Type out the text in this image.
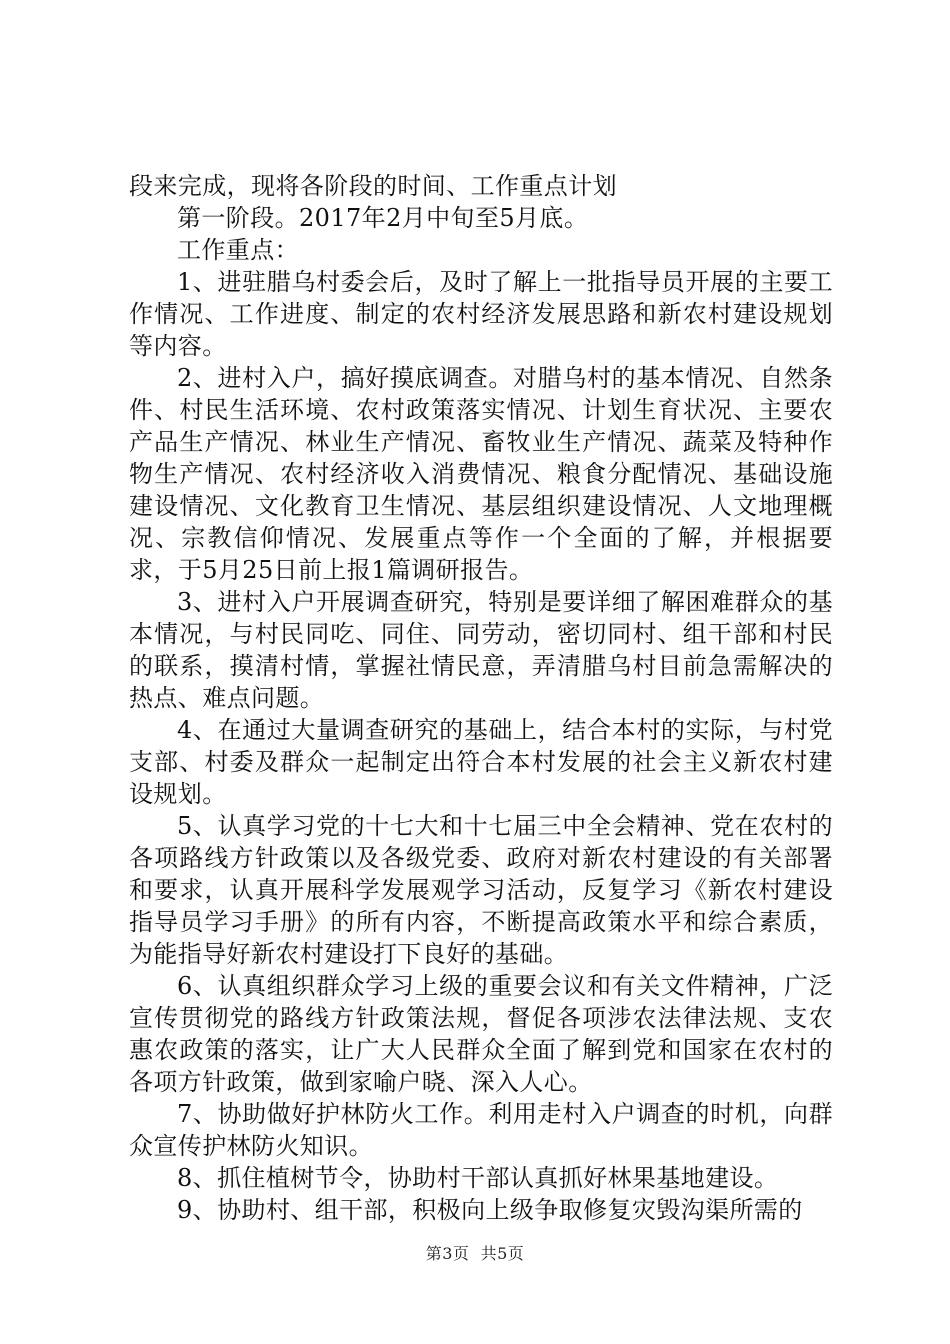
段来完成，现将各阶段的时间、工作重点计划

第一阶段。2017年2月中旬至5月底。

工作重点：

1、进驻腊乌村委会后，及时了解上一批指导员开展的主要工作情况、工作进度、制定的农村经济发展思路和新农村建设规划等内容。

2、进村入户，搞好摸底调查。对腊乌村的基本情况、自然条件、村民生活环境、农村政策落实情况、计划生育状况、主要农产品生产情况、林业生产情况、畜牧业生产情况、蔬菜及特种作物生产情况、农村经济收入消费情况、粮食分配情况、基础设施建设情况、文化教育卫生情况、基层组织建设情况、人文地理概况、宗教信仰情况、发展重点等作一个全面的了解，并根据要求，于5月25日前上报1篇调研报告。

3、进村入户开展调查研究，特别是要详细了解困难群众的基本情况，与村民同吃、同住、同劳动，密切同村、组干部和村民的联系，摸清村情，掌握社情民意，弄清腊乌村目前急需解决的热点、难点问题。

4、在通过大量调查研究的基础上，结合本村的实际，与村党支部、村委及群众一起制定出符合本村发展的社会主义新农村建设规划。

5、认真学习党的十七大和十七届三中全会精神、党在农村的各项路线方针政策以及各级党委、政府对新农村建设的有关部署和要求，认真开展科学发展观学习活动，反复学习《新农村建设指导员学习手册》的所有内容，不断提高政策水平和综合素质，为能指导好新农村建设打下良好的基础。

6、认真组织群众学习上级的重要会议和有关文件精神，广泛宣传贯彻党的路线方针政策法规，督促各项涉农法律法规、支农惠农政策的落实，让广大人民群众全面了解到党和国家在农村的各项方针政策，做到家喻户晓、深入人心。

7、协助做好护林防火工作。利用走村入户调查的时机，向群众宣传护林防火知识。

8、抓住植树节令，协助村干部认真抓好林果基地建设。

9、协助村、组干部，积极向上级争取修复灾毁沟渠所需的

第3页 共5页
